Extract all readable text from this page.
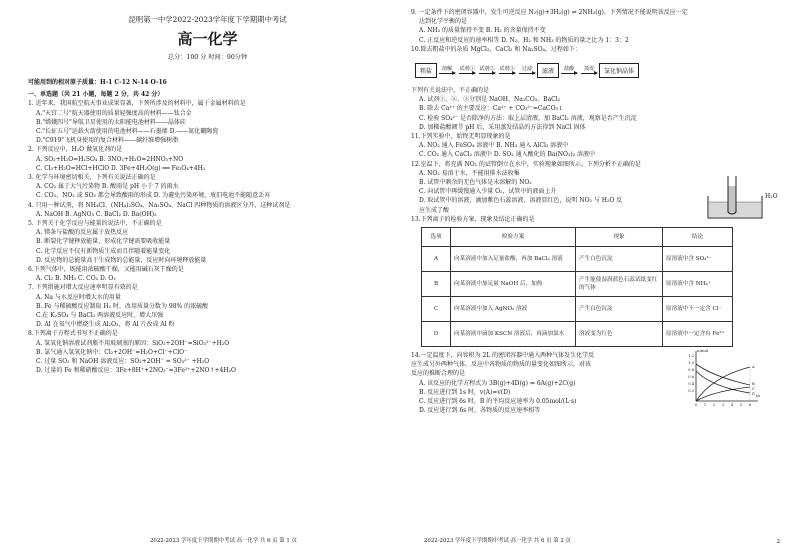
昆明第一中学2022-2023学年度下学期期中考试
高一化学
总分：100 分 时间：90分钟
可能用到的相对原子质量：H-1 C-12 N-14 O-16
一、单选题（共 21 小题，每题 2 分，共 42 分）
1. 近年来，我国航空航天事业成果显著，下列所涉及的材料中，属于金属材料的是
A."天宫二号"航天器使用的质量轻强度高的材料——钛合金
B."嫦娥四号"导航卫星使用的太阳能电池材料——晶体硅
C."长征五号"运载火箭使用的电池材料——石墨烯 D.——氮化硼陶瓷
D."C919"飞机身使用的复合材料——碳纤维增强树脂
2. 下列反应中，H₂O 做氧化剂的是
A. SO₃+H₂O=H₂SO₄ B. 3NO₂+H₂O=2HNO₃+NO
C. Cl₂+H₂O=HCl+HClO D. 3Fe+4H₂O(g) ══ Fe₃O₄+4H₂
3. 化学与环境密切相关，下列有关说法正确的是
A. CO₂ 属于大气污染物 B. 酸雨是 pH 小于 7 的雨水
C. CO₂、NO₂ 或 SO₂ 都会导致酸雨的形成 D. 为避免污染环境，废旧电池不能随意丢弃
4. 只用一种试剂，将 NH₄Cl、(NH₄)₂SO₄、Na₂SO₄、NaCl 四种物质的溶液区分开，这种试剂是
A. NaOH B. AgNO₃ C. BaCl₂ D. Ba(OH)₂
5. 下列关于化学反应与能量的说法中，不正确的是
A. 镁条与盐酸的反应属于放热反应
B. 断裂化学键释放能量，形成化学键需要吸收能量
C. 化学反应不仅有新物质生成而且伴随着能量变化
D. 反应物的总能量高于生成物的总能量，反应时向环境释放能量
6.下列气体中，既能用浓硫酸干燥，又能用碱石灰干燥的是
A. Cl₂ B. NH₃ C. CO₂ D. O₂
7. 下列措施对增大反应速率明显有效的是
A. Na 与水反应时增大水的用量
B. Fe 与稀硫酸反应制取 H₂ 时，改用质量分数为 98% 的浓硫酸
C.在 K₂SO₄ 与 BaCl₂ 两溶液反应时，增大压强
D. Al 在氧气中燃烧生成 Al₂O₃，将 Al 片改成 Al 粉
8.下列离子方程式书写不正确的是
A. 氢氧化钠溶液试剂瓶不用玻璃塞的原因：SiO₂+2OH⁻=SiO₃²⁻+H₂O
B. 氯气通入氢氧化钠中：Cl₂+2OH⁻=H₂O+Cl⁻+ClO⁻
C. 过量 SO₂ 和 NaOH 溶液反应：SO₂+2OH⁻ = SO₃²⁻ +H₂O
D. 过量的 Fe 和稀硝酸反应：3Fe+8H⁺+2NO₃⁻=3Fe²⁺+2NO↑+4H₂O
2022-2023 学年度下学期期中考试 高一化学 共 6 页 第 1 页
9. 一定条件下的密闭容器中，发生可逆反应 N₂(g)+3H₂(g) ⇌ 2NH₃(g)。下列情况不能说明该反应一定
达到化学平衡的是
A. NH₃ 的质量保持不变 B. H₂ 的含量保持不变
C. 正反应和逆反应的速率相等 D. N₂、H₂ 和 NH₃ 的物质的量之比为 1：3：2
10.除去粗盐中的杂质 MgCl₂、CaCl₂ 和 Na₂SO₄，过程如下：
粗盐	溶解 试剂① 试剂② 试剂③ 过滤	滤液	盐酸 蒸发	氯化钠晶体
下列有关说法中，不正确的是
A. 试剂①、②、③分别是 NaOH、Na₂CO₃、BaCl₂
B. 除去 Ca²⁺ 的主要反应：Ca²⁺ + CO₃²⁻=CaCO₃↓
C. 检验 SO₄²⁻ 是否除净的方法：取上层清液，加 BaCl₂ 溶液，观察是否产生沉淀
D. 加稀盐酸调节 pH 后，采用蒸发结晶的方法得到 NaCl 固体
11.下列实验中，始终无明显现象的是
A. NO₂ 通入 FeSO₄ 溶液中 B. NH₃ 通入 AlCl₃ 溶液中
C. CO₂ 通入 CaCl₂ 溶液中 D. SO₂ 通入酸化的 Ba(NO₃)₂ 溶液中
12.室温下，将充满 NO₂ 的试管倒立在水中，实验现象如图所示。下列分析不正确的是
A. NO₂ 易溶于水，不能用排水法收集
B. 试管中剩余的无色气体是未溶解的 NO₂
C. 向试管中再缓慢通入少量 O₂，试管中的液面上升
D. 取试管中的溶液，滴加紫色石蕊溶液，溶液显红色，说明 NO₂ 与 H₂O 反
应生成了酸
H₂O
13.下列离子的检验方案、现象及结论正确的是
选项	检验方案	现象	结论
A	向某溶液中加入足量盐酸，再加 BaCl₂ 溶液	产生白色沉淀	原溶液中含 SO₄²⁻
B	向某溶液中加足量 NaOH 后，加热	产生能使湿润蓝色石蕊试纸变红的气体	原溶液中含 NH₄⁺
C	向某溶液中加入 AgNO₃ 溶液	产生白色沉淀	原溶液中不一定含 Cl⁻
D	向某溶液中滴加 KSCN 溶液后，再滴加氯水	溶液变为红色	原溶液中一定含有 Fe²⁺
14.一定温度下，向容积为 2L 的密闭容器中通入两种气体发生化学反
应生成另外两种气体，反应中各物质的物质的量变化如图所示，对该
反应的推断合理的是
A. 该反应的化学方程式为 3B(g)+4D(g) ⇌ 6A(g)+2C(g)
B. 反应进行到 1s 时，v(A)=v(D)
C. 反应进行到 6s 时，B 的平均反应速率为 0.05mol/(L·s)
D. 反应进行到 6s 时，各物质的反应速率相等
n/mol
1.2
1.0
0.8
0.6
0.4
0.2
0 1 2 3 4 5 6
t/s
B
C
A
D
2022-2023 学年度下学期期中考试 高一化学 共 6 页 第 2 页	2
